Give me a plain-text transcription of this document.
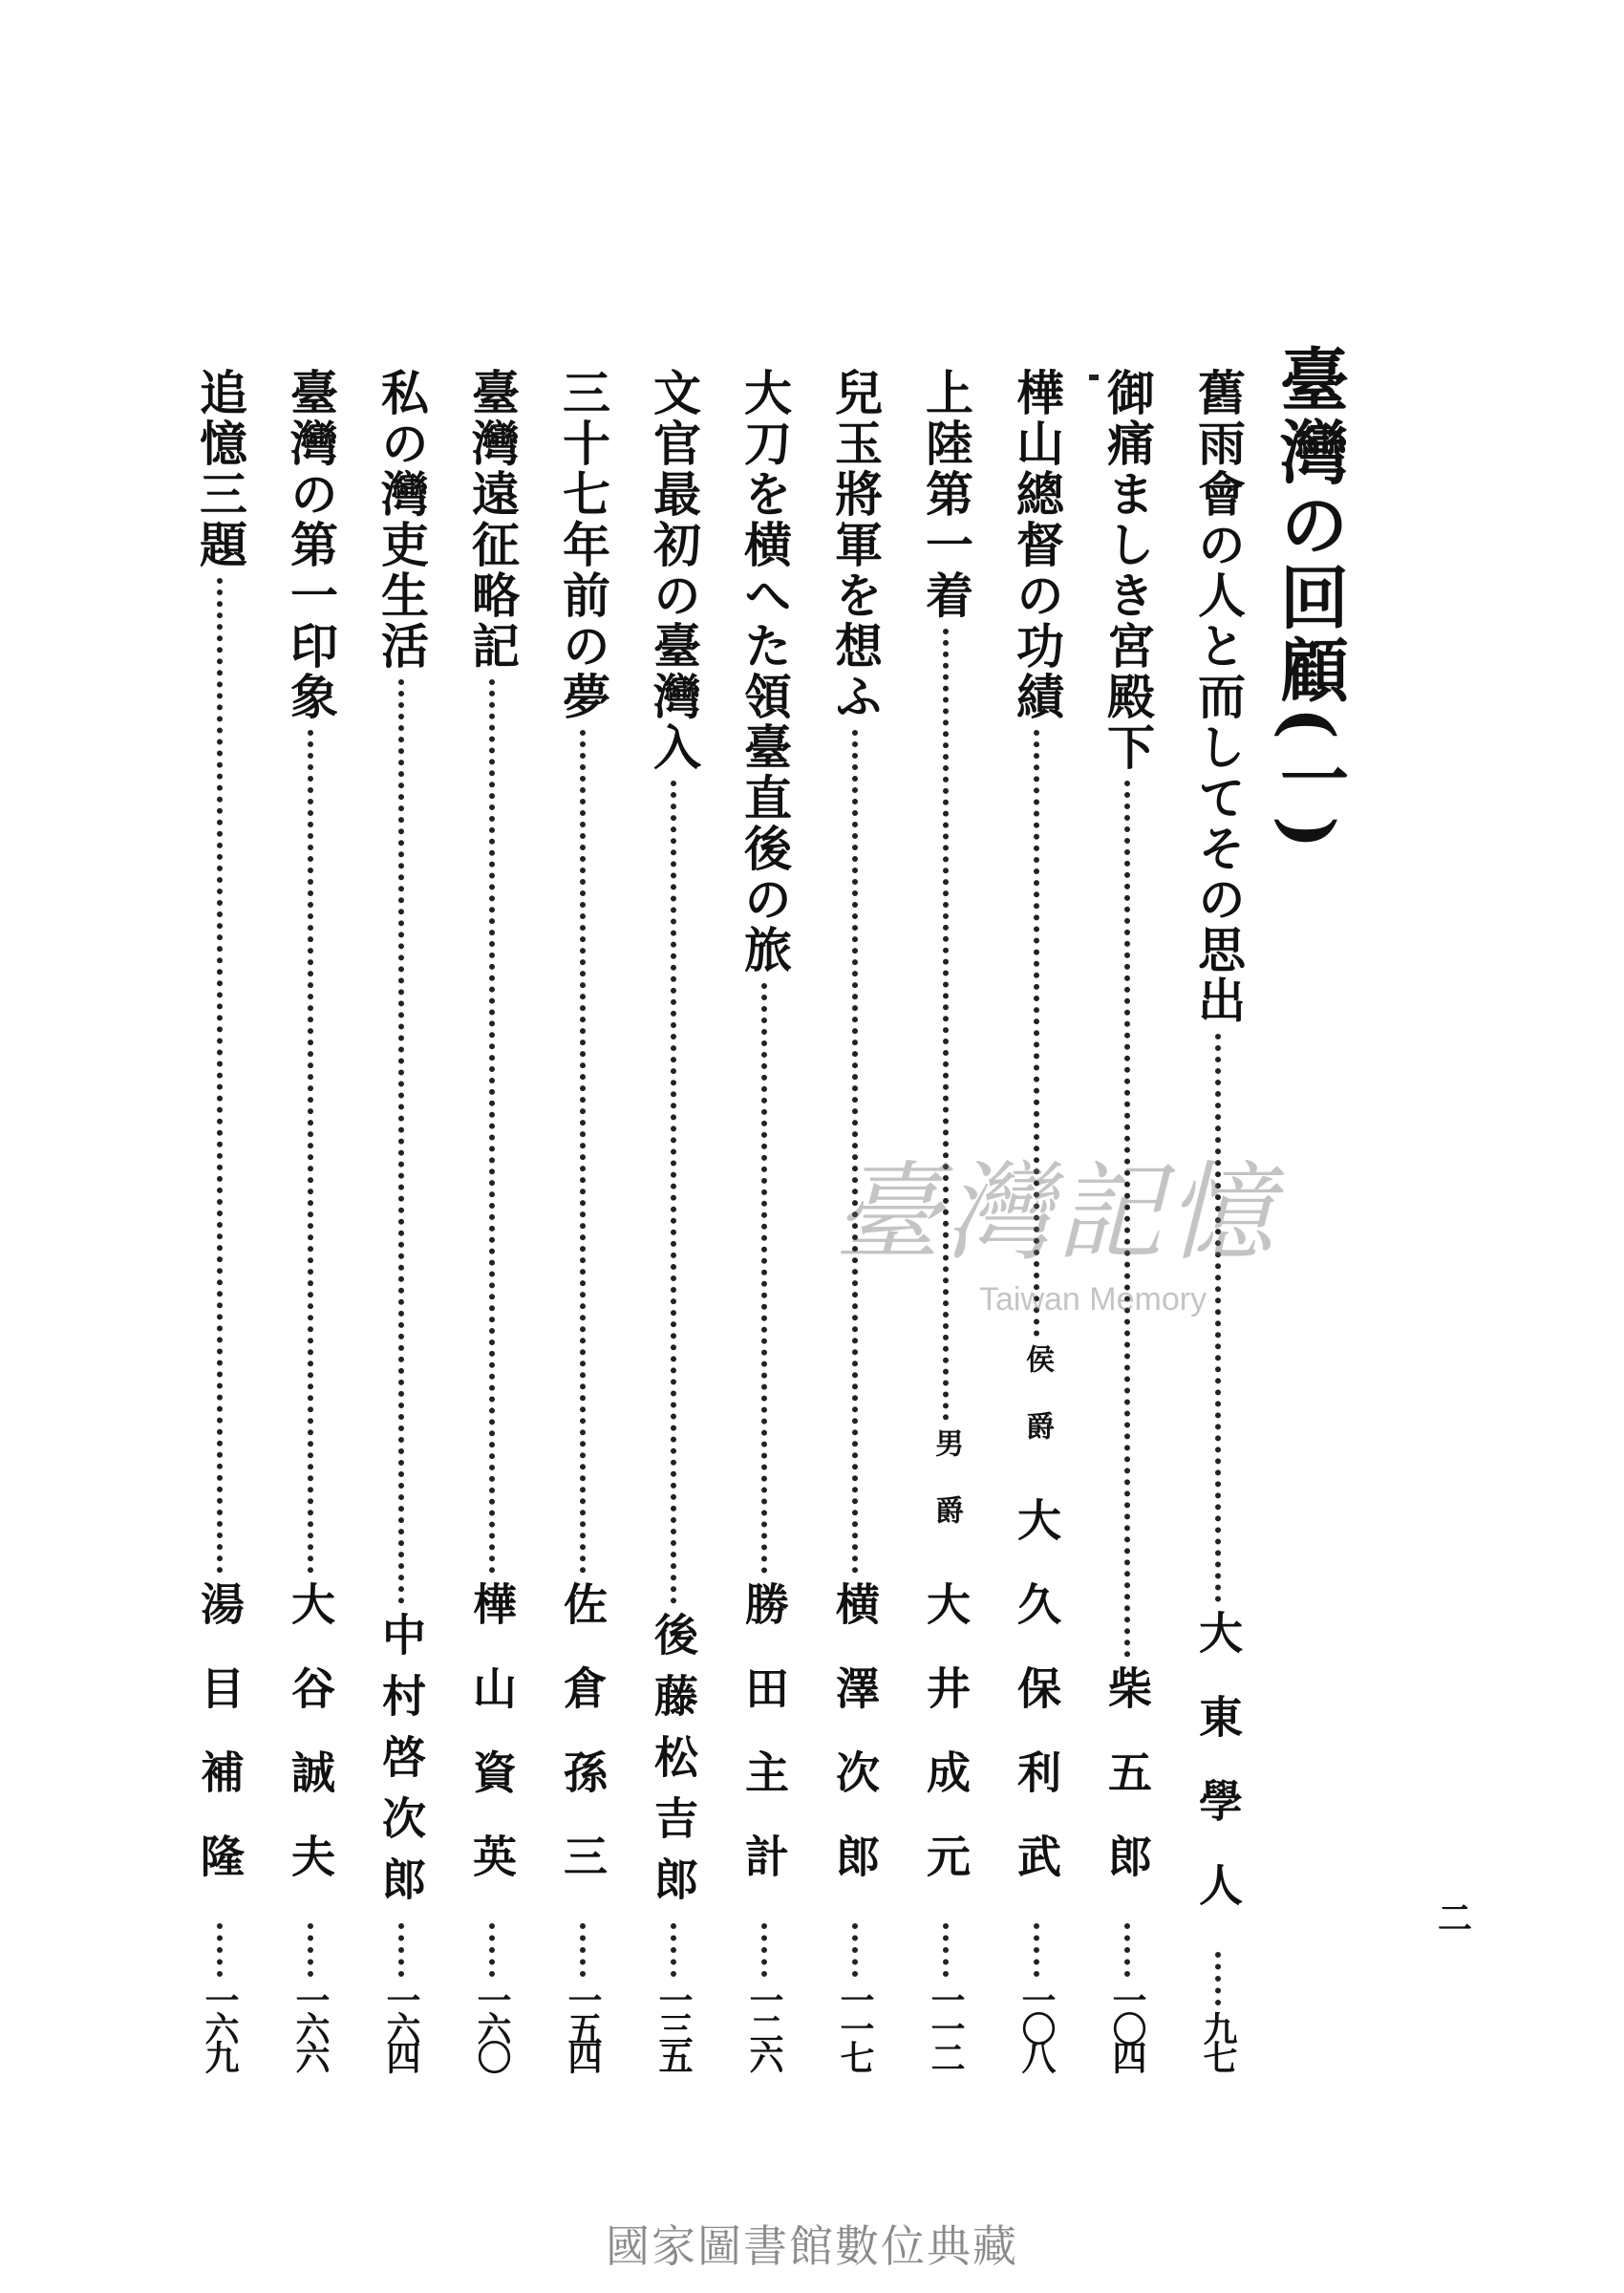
臺灣の回顧(一)
舊雨會の人と而してその思出
大東學人
九七
御痛ましき宮殿下
柴五郎
一〇四
樺山總督の功績
侯爵
大久保利武
一〇八
上陸第一着
男爵
大井成元
一一二
兒玉將軍を想ふ
横澤次郎
一一七
大刀を横へた領臺直後の旅
勝田主計
一二六
文官最初の臺灣入
後藤松吉郎
一三五
三十七年前の夢
佐倉孫三
一五四
臺灣遠征略記
樺山資英
一六〇
私の灣吏生活
中村啓次郎
一六四
臺灣の第一印象
大谷誠夫
一六六
追憶三題
湯目補隆
一六九
二
臺灣記憶
Taiwan Memory
國家圖書館數位典藏
